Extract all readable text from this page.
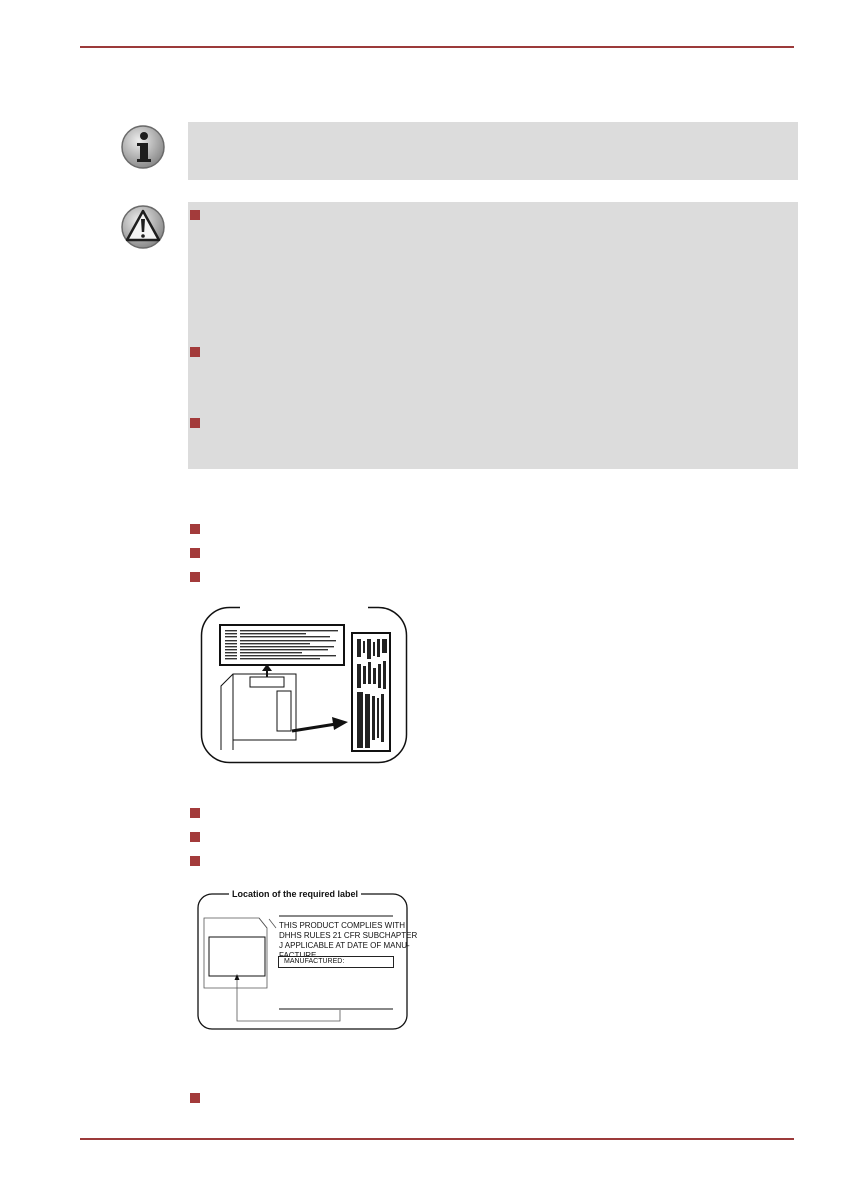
Location of the required label
THIS PRODUCT COMPLIES WITH
DHHS RULES 21 CFR SUBCHAPTER
J APPLICABLE AT DATE OF MANU-
MANUFACTURED:
